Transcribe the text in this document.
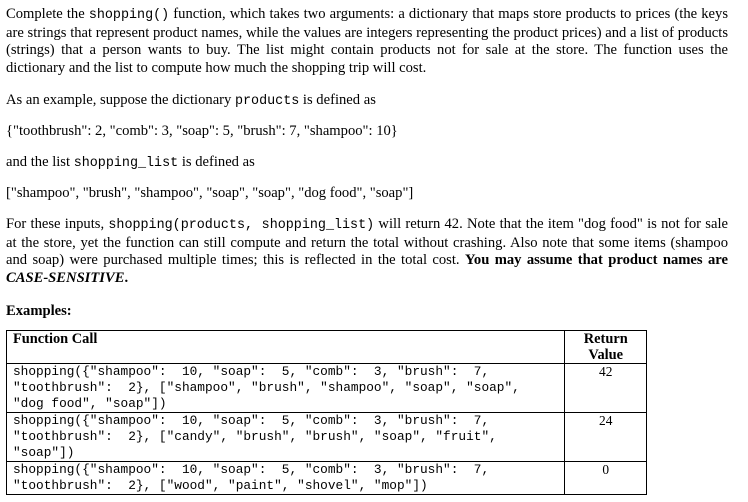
Complete the shopping() function, which takes two arguments: a dictionary that maps store products to prices (the keys are strings that represent product names, while the values are integers representing the product prices) and a list of products (strings) that a person wants to buy. The list might contain products not for sale at the store. The function uses the dictionary and the list to compute how much the shopping trip will cost.

As an example, suppose the dictionary products is defined as

{"toothbrush": 2, "comb": 3, "soap": 5, "brush": 7, "shampoo": 10}

and the list shopping_list is defined as

["shampoo", "brush", "shampoo", "soap", "soap", "dog food", "soap"]

For these inputs, shopping(products, shopping_list) will return 42. Note that the item "dog food" is not for sale at the store, yet the function can still compute and return the total without crashing. Also note that some items (shampoo and soap) were purchased multiple times; this is reflected in the total cost. You may assume that product names are CASE-SENSITIVE.

Examples:

Function Call	Return Value
shopping({"shampoo":  10, "soap":  5, "comb":  3, "brush":  7,
"toothbrush":  2}, ["shampoo", "brush", "shampoo", "soap", "soap",
"dog food", "soap"])	42
shopping({"shampoo":  10, "soap":  5, "comb":  3, "brush":  7,
"toothbrush":  2}, ["candy", "brush", "brush", "soap", "fruit",
"soap"])	24
shopping({"shampoo":  10, "soap":  5, "comb":  3, "brush":  7,
"toothbrush":  2}, ["wood", "paint", "shovel", "mop"])	0
